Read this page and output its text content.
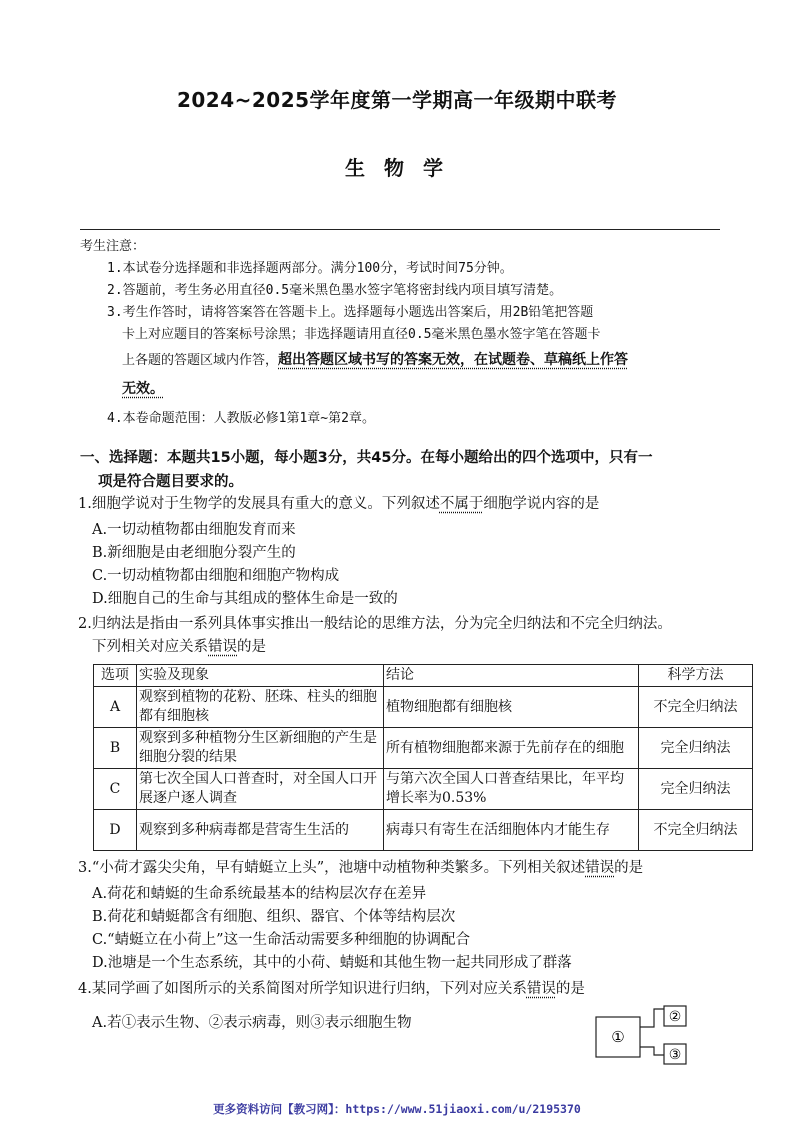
2024~2025学年度第一学期高一年级期中联考
生 物 学
考生注意：
1.本试卷分选择题和非选择题两部分。满分100分，考试时间75分钟。
2.答题前，考生务必用直径0.5毫米黑色墨水签字笔将密封线内项目填写清楚。
3.考生作答时，请将答案答在答题卡上。选择题每小题选出答案后，用2B铅笔把答题
卡上对应题目的答案标号涂黑；非选择题请用直径0.5毫米黑色墨水签字笔在答题卡
上各题的答题区域内作答，超出答题区域书写的答案无效，在试题卷、草稿纸上作答
无效。
4.本卷命题范围：人教版必修1第1章~第2章。
一、选择题：本题共15小题，每小题3分，共45分。在每小题给出的四个选项中，只有一
项是符合题目要求的。
1.细胞学说对于生物学的发展具有重大的意义。下列叙述不属于细胞学说内容的是
A.一切动植物都由细胞发育而来
B.新细胞是由老细胞分裂产生的
C.一切动植物都由细胞和细胞产物构成
D.细胞自己的生命与其组成的整体生命是一致的
2.归纳法是指由一系列具体事实推出一般结论的思维方法，分为完全归纳法和不完全归纳法。
下列相关对应关系错误的是
选项	实验及现象	结论	科学方法
A	观察到植物的花粉、胚珠、柱头的细胞都有细胞核	植物细胞都有细胞核	不完全归纳法
B	观察到多种植物分生区新细胞的产生是细胞分裂的结果	所有植物细胞都来源于先前存在的细胞	完全归纳法
C	第七次全国人口普查时，对全国人口开展逐户逐人调查	与第六次全国人口普查结果比，年平均增长率为0.53%	完全归纳法
D	观察到多种病毒都是营寄生生活的	病毒只有寄生在活细胞体内才能生存	不完全归纳法
3.“小荷才露尖尖角，早有蜻蜓立上头”，池塘中动植物种类繁多。下列相关叙述错误的是
A.荷花和蜻蜓的生命系统最基本的结构层次存在差异
B.荷花和蜻蜓都含有细胞、组织、器官、个体等结构层次
C.“蜻蜓立在小荷上”这一生命活动需要多种细胞的协调配合
D.池塘是一个生态系统，其中的小荷、蜻蜓和其他生物一起共同形成了群落
4.某同学画了如图所示的关系简图对所学知识进行归纳，下列对应关系错误的是
A.若①表示生物、②表示病毒，则③表示细胞生物
①
②
③
更多资料访问【教习网】：https://www.51jiaoxi.com/u/2195370
